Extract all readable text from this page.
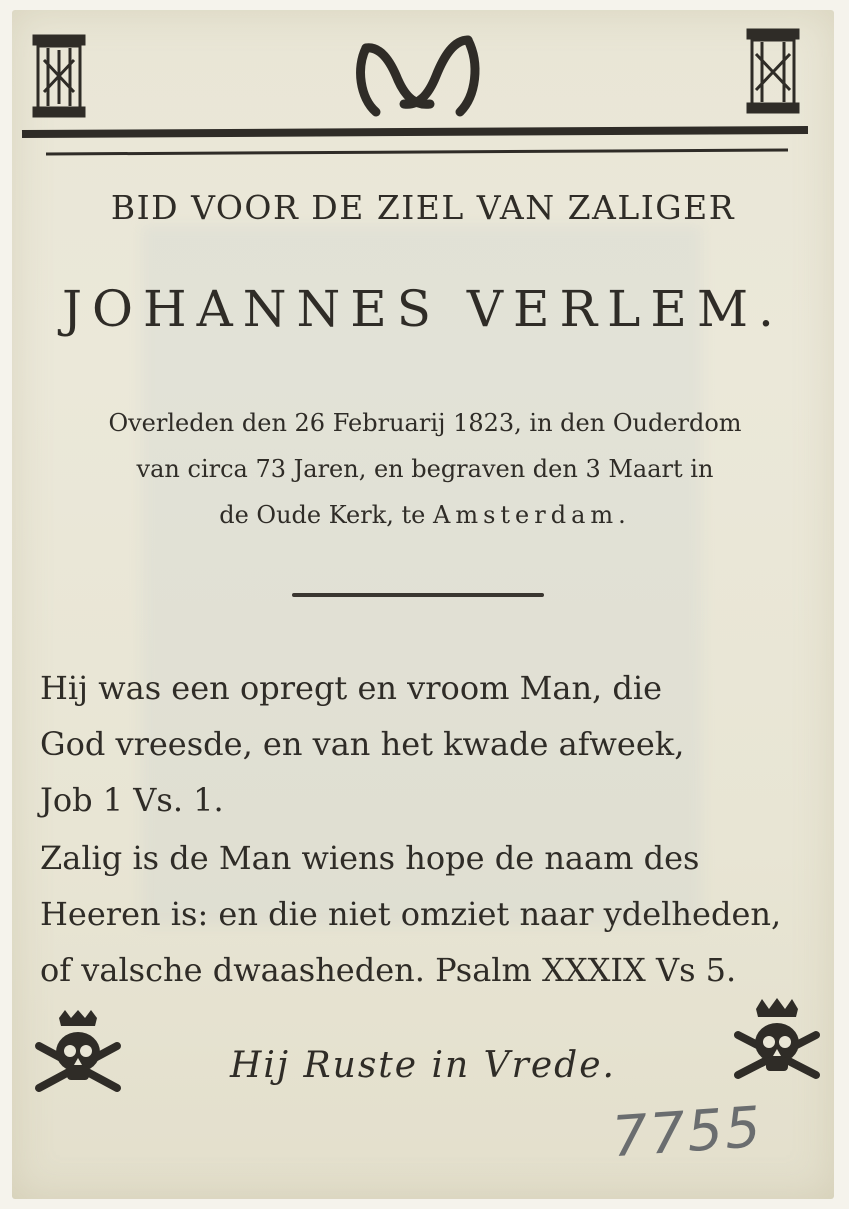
BID VOOR DE ZIEL VAN ZALIGER
JOHANNES VERLEM.

Overleden den 26 Februarij 1823, in den Ouderdom
van circa 73 Jaren, en begraven den 3 Maart in
de Oude Kerk, te Amsterdam.

Hij was een opregt en vroom Man, die
God vreesde, en van het kwade afweek,
Job 1 Vs. 1.

Zalig is de Man wiens hope de naam des
Heeren is: en die niet omziet naar ydelheden,
of valsche dwaasheden. Psalm XXXIX Vs 5.

Hij Ruste in Vrede.

7755
